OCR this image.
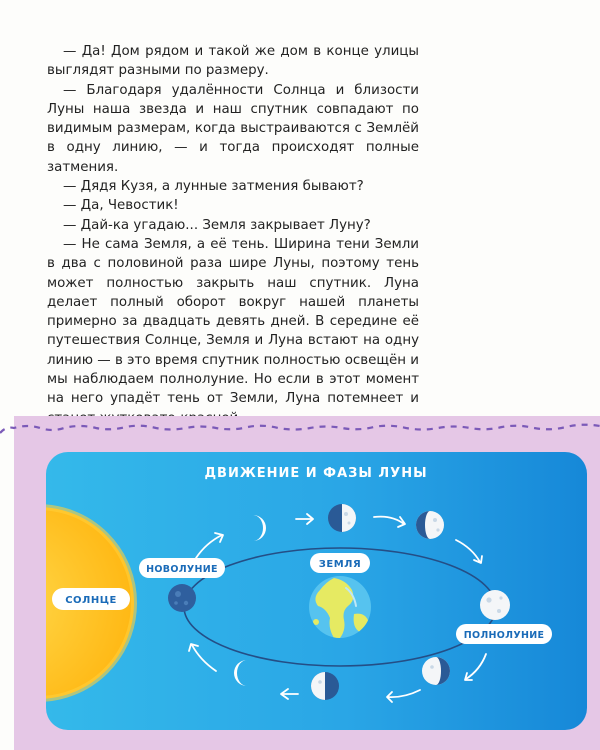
— Да! Дом рядом и такой же дом в конце улицы выглядят разными по размеру.

— Благодаря удалённости Солнца и близости Луны наша звезда и наш спутник совпадают по видимым размерам, когда выстраиваются с Землёй в одну линию, — и тогда происходят полные затмения.

— Дядя Кузя, а лунные затмения бывают?

— Да, Чевостик!

— Дай-ка угадаю... Земля закрывает Луну?

— Не сама Земля, а её тень. Ширина тени Земли в два с половиной раза шире Луны, поэтому тень может полностью закрыть наш спутник. Луна делает полный оборот вокруг нашей планеты примерно за двадцать девять дней. В середине её путешествия Солнце, Земля и Луна встают на одну линию — в это время спутник полностью освещён и мы наблюдаем полнолуние. Но если в этот момент на него упадёт тень от Земли, Луна потемнеет и

ДВИЖЕНИЕ И ФАЗЫ ЛУНЫ
СОЛНЦЕ
ЗЕМЛЯ
НОВОЛУНИЕ
ПОЛНОЛУНИЕ
